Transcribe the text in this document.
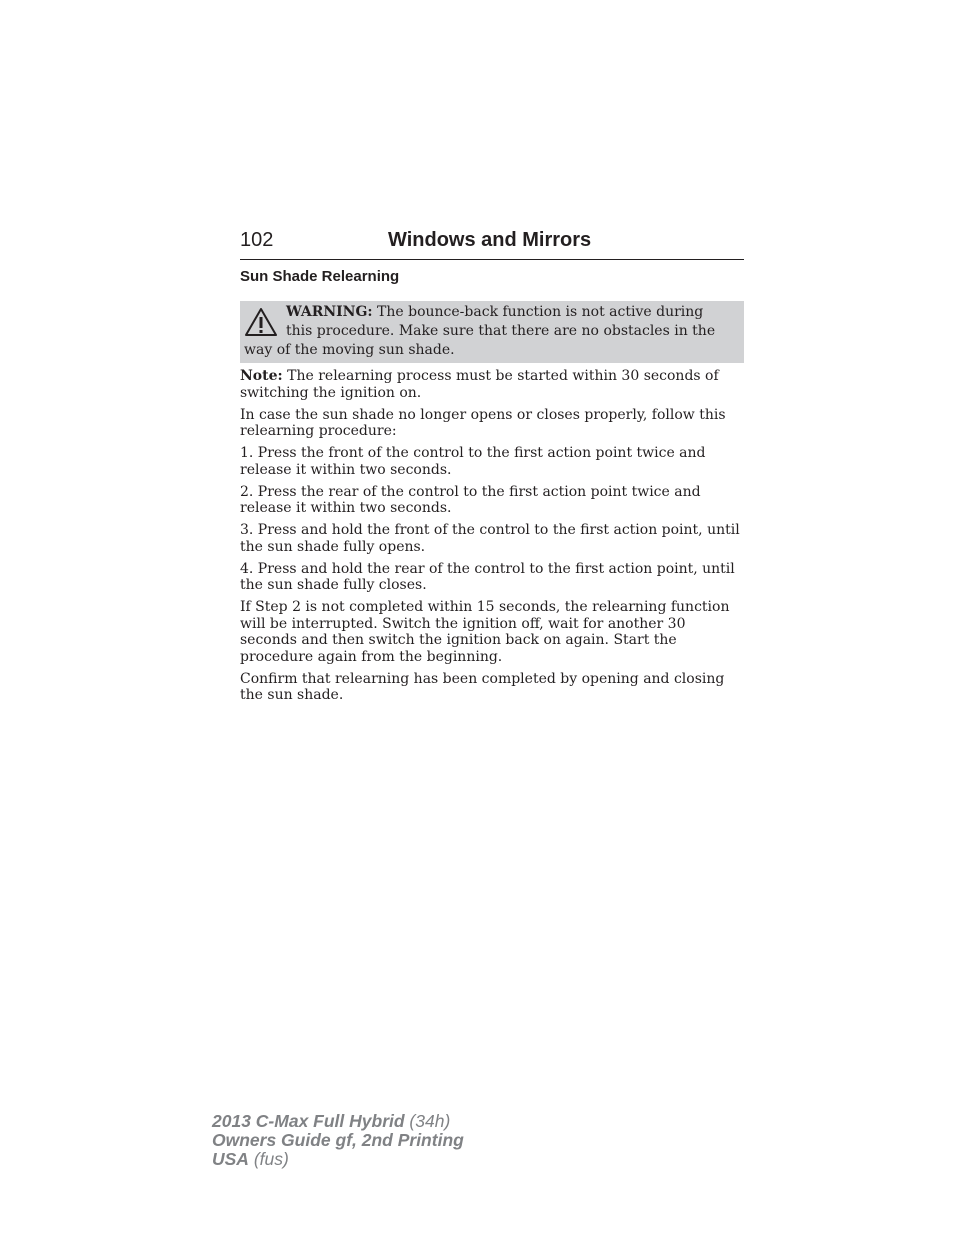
102	Windows and Mirrors
Sun Shade Relearning
WARNING: The bounce-back function is not active during this procedure. Make sure that there are no obstacles in the way of the moving sun shade.

Note: The relearning process must be started within 30 seconds of switching the ignition on.

In case the sun shade no longer opens or closes properly, follow this relearning procedure:

1. Press the front of the control to the first action point twice and release it within two seconds.

2. Press the rear of the control to the first action point twice and release it within two seconds.

3. Press and hold the front of the control to the first action point, until the sun shade fully opens.

4. Press and hold the rear of the control to the first action point, until the sun shade fully closes.

If Step 2 is not completed within 15 seconds, the relearning function will be interrupted. Switch the ignition off, wait for another 30 seconds and then switch the ignition back on again. Start the procedure again from the beginning.

Confirm that relearning has been completed by opening and closing the sun shade.

2013 C-Max Full Hybrid (34h)
Owners Guide gf, 2nd Printing
USA (fus)
